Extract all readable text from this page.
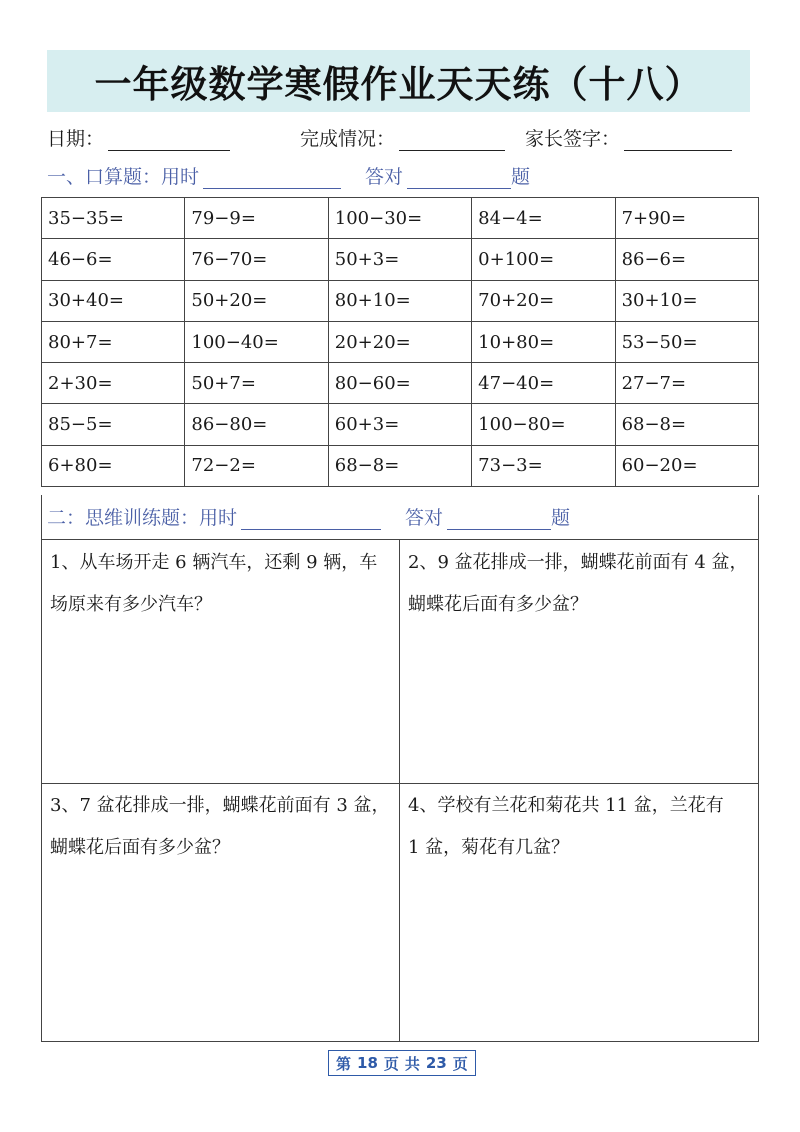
一年级数学寒假作业天天练（十八）
日期：	完成情况：	家长签字：
一、口算题：用时	答对	题
35−35=	79−9=	100−30=	84−4=	7+90=
46−6=	76−70=	50+3=	0+100=	86−6=
30+40=	50+20=	80+10=	70+20=	30+10=
80+7=	100−40=	20+20=	10+80=	53−50=
2+30=	50+7=	80−60=	47−40=	27−7=
85−5=	86−80=	60+3=	100−80=	68−8=
6+80=	72−2=	68−8=	73−3=	60−20=
二：思维训练题：用时	答对	题
1、从车场开走 6 辆汽车，还剩 9 辆，车
场原来有多少汽车？
2、9 盆花排成一排，蝴蝶花前面有 4 盆，
蝴蝶花后面有多少盆？
3、7 盆花排成一排，蝴蝶花前面有 3 盆，
蝴蝶花后面有多少盆？
4、学校有兰花和菊花共 11 盆，兰花有
1 盆，菊花有几盆？
第 18 页 共 23 页
